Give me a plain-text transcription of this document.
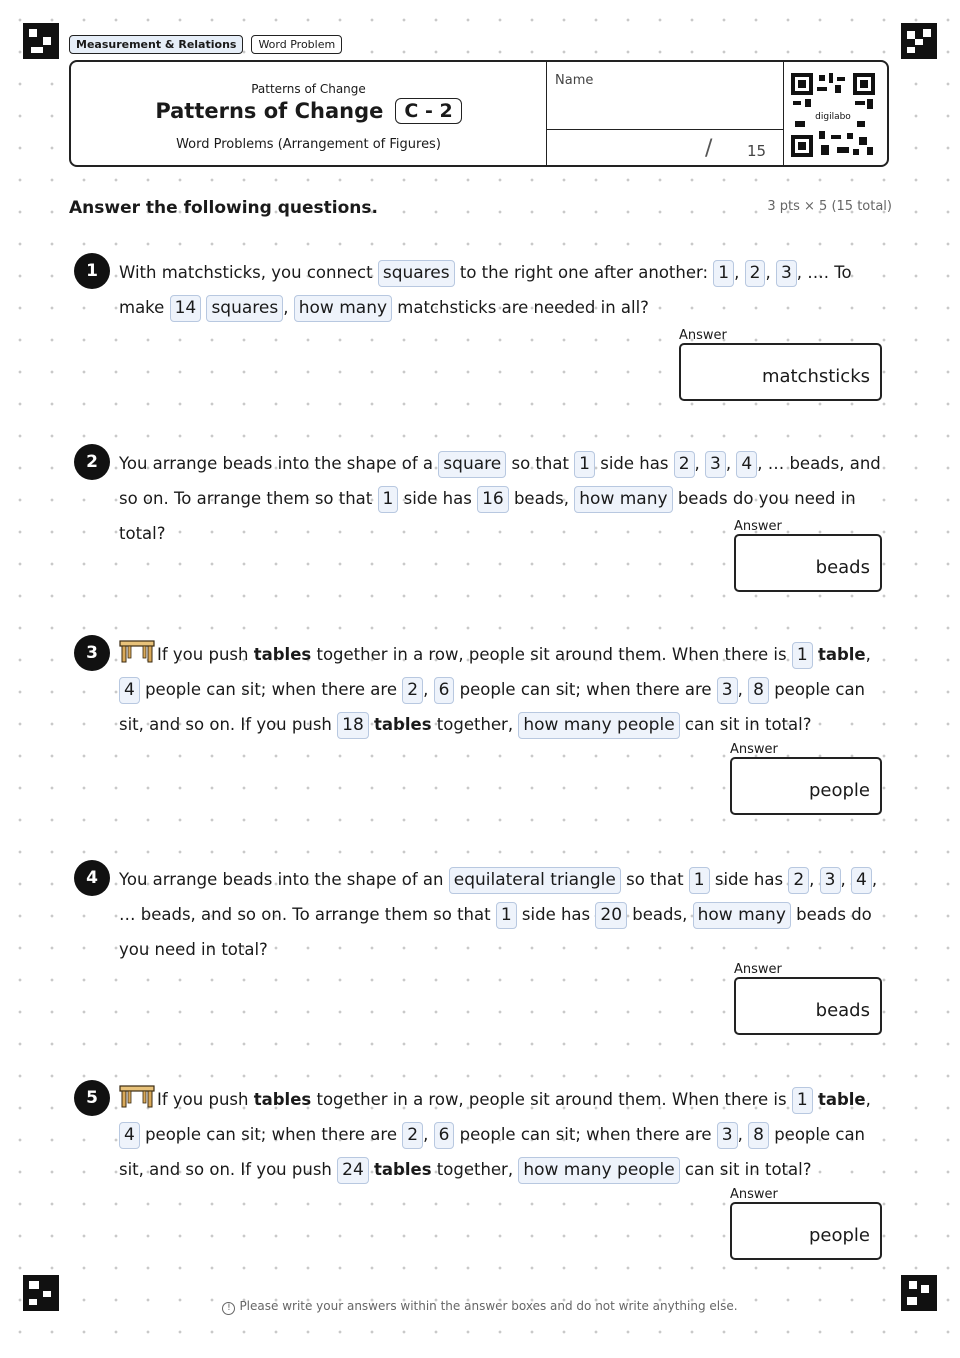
Measurement & Relations	Word Problem
Patterns of Change
Patterns of Change	C - 2
Word Problems (Arrangement of Figures)
Name
/ 15
digilabo
Answer the following questions.	3 pts × 5 (15 total)
1	With matchsticks, you connect squares to the right one after another: 1 , 2 , 3 , …. To make 14 squares , how many matchsticks are needed in all?
Answer
matchsticks
2	You arrange beads into the shape of a square so that 1 side has 2 , 3 , 4 , … beads, and so on. To arrange them so that 1 side has 16 beads, how many beads do you need in total?	Answer
beads
3	If you push tables together in a row, people sit around them. When there is 1 table, 4 people can sit; when there are 2 , 6 people can sit; when there are 3 , 8 people can sit, and so on. If you push 18 tables together, how many people can sit in total?
Answer
people
4	You arrange beads into the shape of an equilateral triangle so that 1 side has 2 , 3 , 4 , … beads, and so on. To arrange them so that 1 side has 20 beads, how many beads do you need in total?
Answer
beads
5	If you push tables together in a row, people sit around them. When there is 1 table, 4 people can sit; when there are 2 , 6 people can sit; when there are 3 , 8 people can sit, and so on. If you push 24 tables together, how many people can sit in total?
Answer
people
! Please write your answers within the answer boxes and do not write anything else.
